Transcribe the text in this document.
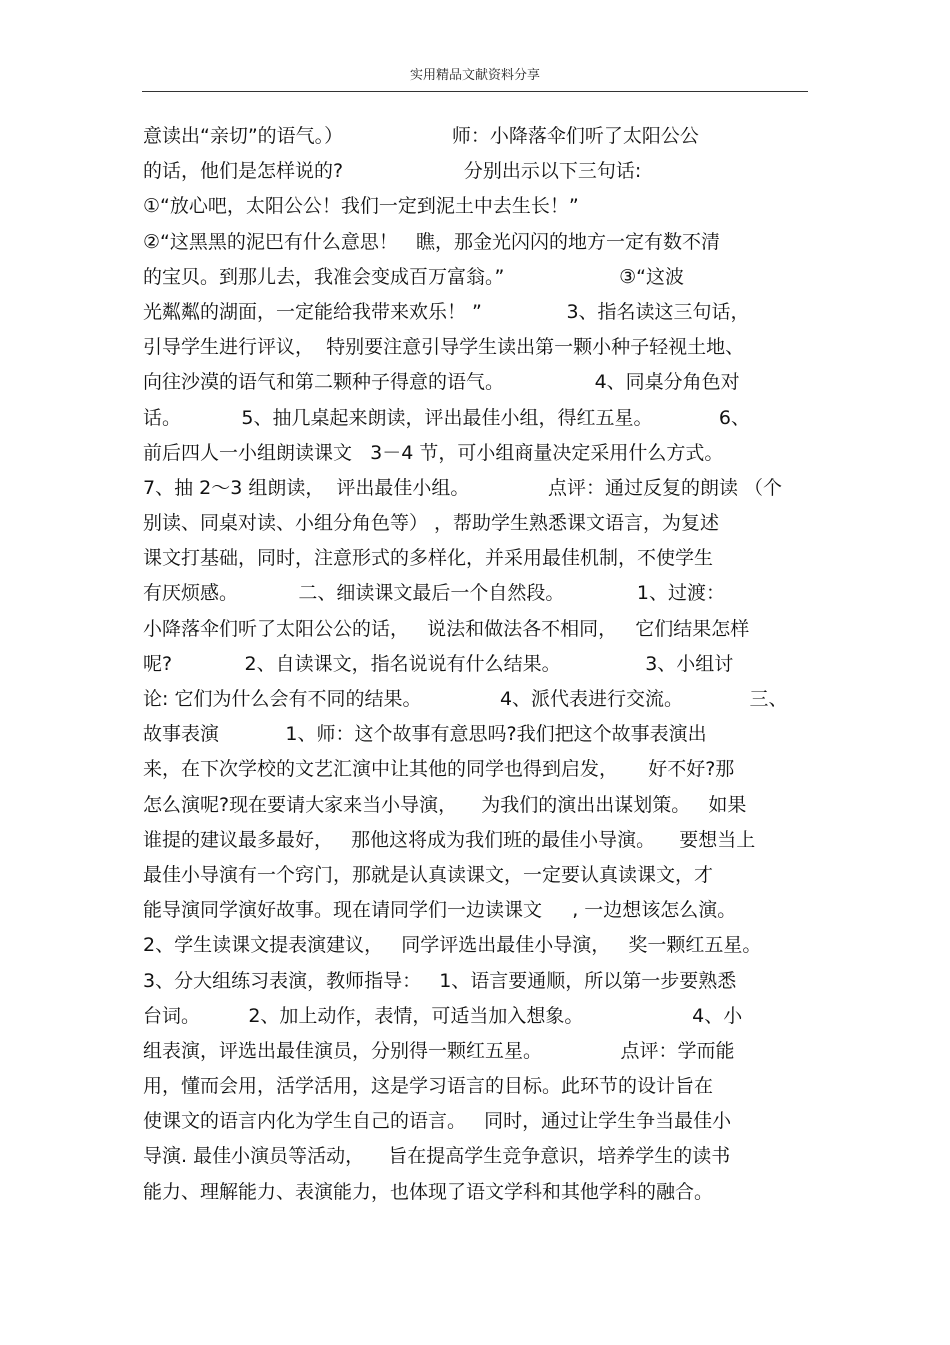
实用精品文献资料分享
意读出“亲切”的语气。）                  师：小降落伞们听了太阳公公
的话，他们是怎样说的?                    分别出示以下三句话:
①“放心吧，太阳公公！我们一定到泥土中去生长！”
②“这黑黑的泥巴有什么意思！   瞧，那金光闪闪的地方一定有数不清
的宝贝。到那儿去，我准会变成百万富翁。”                   ③“这波
光粼粼的湖面，一定能给我带来欢乐！ ”              3、指名读这三句话，
引导学生进行评议，  特别要注意引导学生读出第一颗小种子轻视土地、
向往沙漠的语气和第二颗种子得意的语气。               4、同桌分角色对
话。          5、抽几桌起来朗读，评出最佳小组，得红五星。           6、
前后四人一小组朗读课文   3－4 节，可小组商量决定采用什么方式。
7、抽 2～3 组朗读，  评出最佳小组。             点评：通过反复的朗读 （个
别读、同桌对读、小组分角色等） ，帮助学生熟悉课文语言，为复述
课文打基础，同时，注意形式的多样化，并采用最佳机制，不使学生
有厌烦感。          二、细读课文最后一个自然段。            1、过渡：
小降落伞们听了太阳公公的话，   说法和做法各不相同，   它们结果怎样
呢?            2、自读课文，指名说说有什么结果。              3、小组讨
论: 它们为什么会有不同的结果。             4、派代表进行交流。           三、
故事表演           1、师：这个故事有意思吗?我们把这个故事表演出
来，在下次学校的文艺汇演中让其他的同学也得到启发，     好不好?那
怎么演呢?现在要请大家来当小导演，    为我们的演出出谋划策。   如果
谁提的建议最多最好，   那他这将成为我们班的最佳小导演。    要想当上
最佳小导演有一个窍门，那就是认真读课文，一定要认真读课文，才
能导演同学演好故事。现在请同学们一边读课文     , 一边想该怎么演。
2、学生读课文提表演建议，   同学评选出最佳小导演，   奖一颗红五星。
3、分大组练习表演，教师指导：   1、语言要通顺，所以第一步要熟悉
台词。        2、加上动作，表情，可适当加入想象。                  4、小
组表演，评选出最佳演员，分别得一颗红五星。             点评：学而能
用，懂而会用，活学活用，这是学习语言的目标。此环节的设计旨在
使课文的语言内化为学生自己的语言。   同时，通过让学生争当最佳小
导演. 最佳小演员等活动，    旨在提高学生竞争意识，培养学生的读书
能力、理解能力、表演能力，也体现了语文学科和其他学科的融合。
